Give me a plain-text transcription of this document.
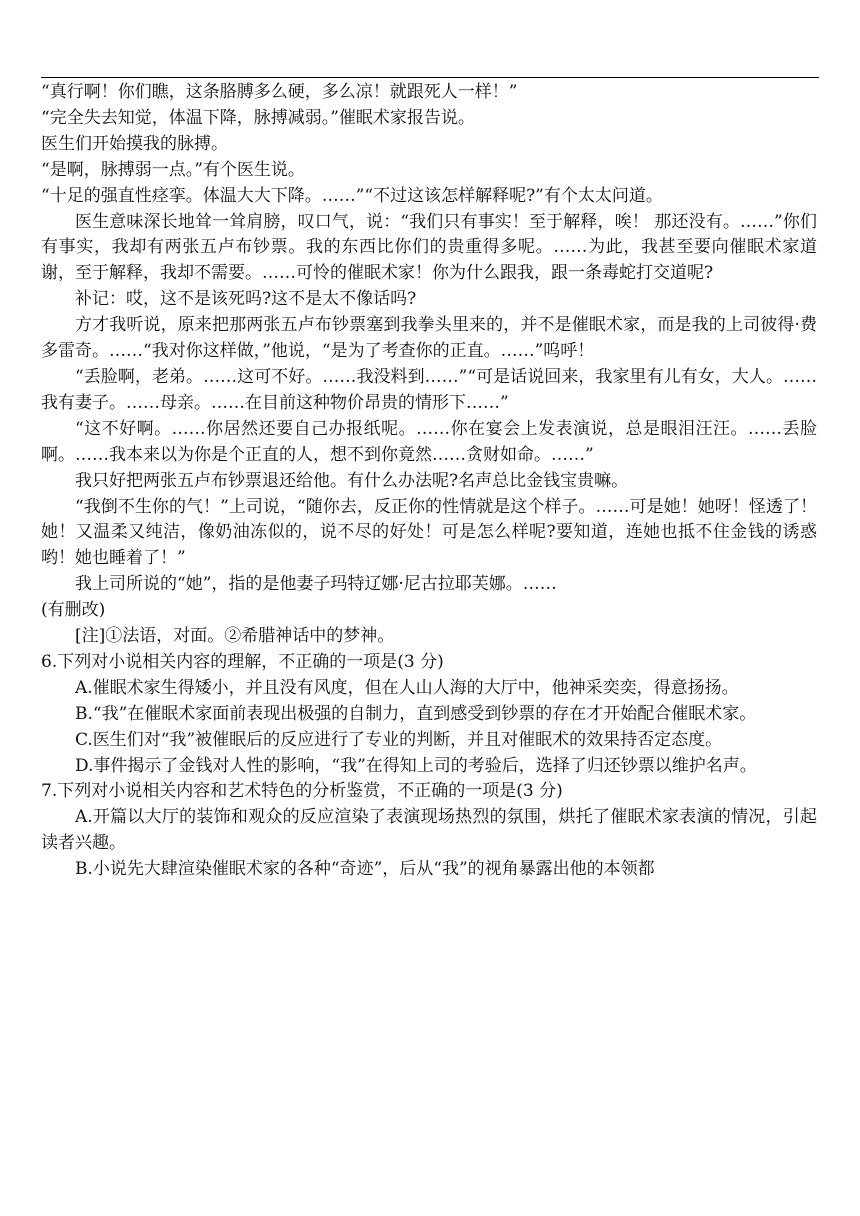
“真行啊！你们瞧，这条胳膊多么硬，多么凉！就跟死人一样！”

“完全失去知觉，体温下降，脉搏减弱。”催眠术家报告说。

医生们开始摸我的脉搏。

“是啊，脉搏弱一点。”有个医生说。

“十足的强直性痉挛。体温大大下降。……”“不过这该怎样解释呢?”有个太太问道。

医生意味深长地耸一耸肩膀，叹口气，说：“我们只有事实！至于解释，唉！ 那还没有。……”你们有事实，我却有两张五卢布钞票。我的东西比你们的贵重得多呢。……为此，我甚至要向催眠术家道谢，至于解释，我却不需要。……可怜的催眠术家！你为什么跟我，跟一条毒蛇打交道呢?

补记：哎，这不是该死吗?这不是太不像话吗?

方才我听说，原来把那两张五卢布钞票塞到我拳头里来的，并不是催眠术家，而是我的上司彼得·费多雷奇。……“我对你这样做，”他说，“是为了考查你的正直。……”呜呼！

“丢脸啊，老弟。……这可不好。……我没料到……”“可是话说回来，我家里有儿有女，大人。……我有妻子。……母亲。……在目前这种物价昂贵的情形下……”

“这不好啊。……你居然还要自己办报纸呢。……你在宴会上发表演说，总是眼泪汪汪。……丢脸啊。……我本来以为你是个正直的人，想不到你竟然……贪财如命。……”

我只好把两张五卢布钞票退还给他。有什么办法呢?名声总比金钱宝贵嘛。

“我倒不生你的气！”上司说，“随你去，反正你的性情就是这个样子。……可是她！她呀！怪透了！她！又温柔又纯洁，像奶油冻似的，说不尽的好处！可是怎么样呢?要知道，连她也抵不住金钱的诱惑哟！她也睡着了！”

我上司所说的“她”，指的是他妻子玛特辽娜·尼古拉耶芙娜。……

(有删改)

[注]①法语，对面。②希腊神话中的梦神。

6.下列对小说相关内容的理解，不正确的一项是(3 分)

A.催眠术家生得矮小，并且没有风度，但在人山人海的大厅中，他神采奕奕，得意扬扬。

B.“我”在催眠术家面前表现出极强的自制力，直到感受到钞票的存在才开始配合催眠术家。

C.医生们对“我”被催眠后的反应进行了专业的判断，并且对催眠术的效果持否定态度。

D.事件揭示了金钱对人性的影响，“我”在得知上司的考验后，选择了归还钞票以维护名声。

7.下列对小说相关内容和艺术特色的分析鉴赏，不正确的一项是(3 分)

A.开篇以大厅的装饰和观众的反应渲染了表演现场热烈的氛围，烘托了催眠术家表演的情况，引起读者兴趣。

B.小说先大肆渲染催眠术家的各种“奇迹”，后从“我”的视角暴露出他的本领都
